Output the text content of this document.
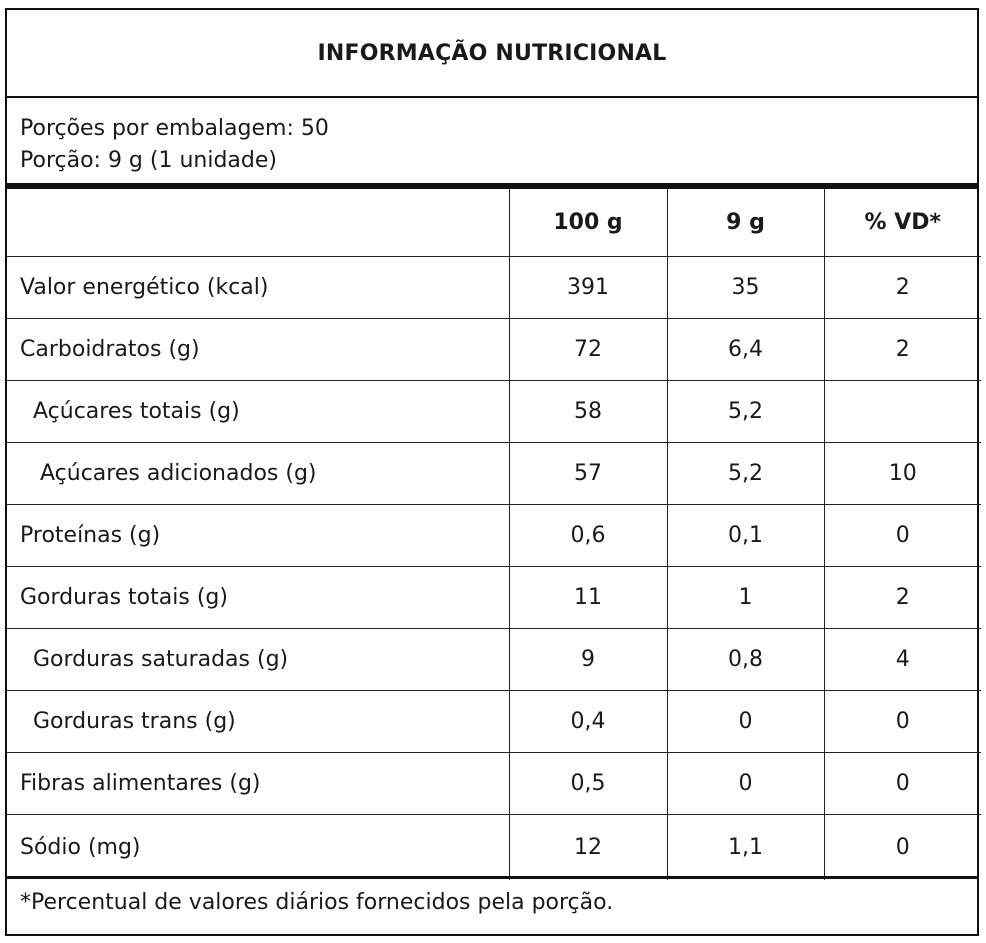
INFORMAÇÃO NUTRICIONAL
Porções por embalagem: 50
Porção: 9 g (1 unidade)
	100 g	9 g	% VD*
Valor energético (kcal)	391	35	2
Carboidratos (g)	72	6,4	2
Açúcares totais (g)	58	5,2	
Açúcares adicionados (g)	57	5,2	10
Proteínas (g)	0,6	0,1	0
Gorduras totais (g)	11	1	2
Gorduras saturadas (g)	9	0,8	4
Gorduras trans (g)	0,4	0	0
Fibras alimentares (g)	0,5	0	0
Sódio (mg)	12	1,1	0
*Percentual de valores diários fornecidos pela porção.
